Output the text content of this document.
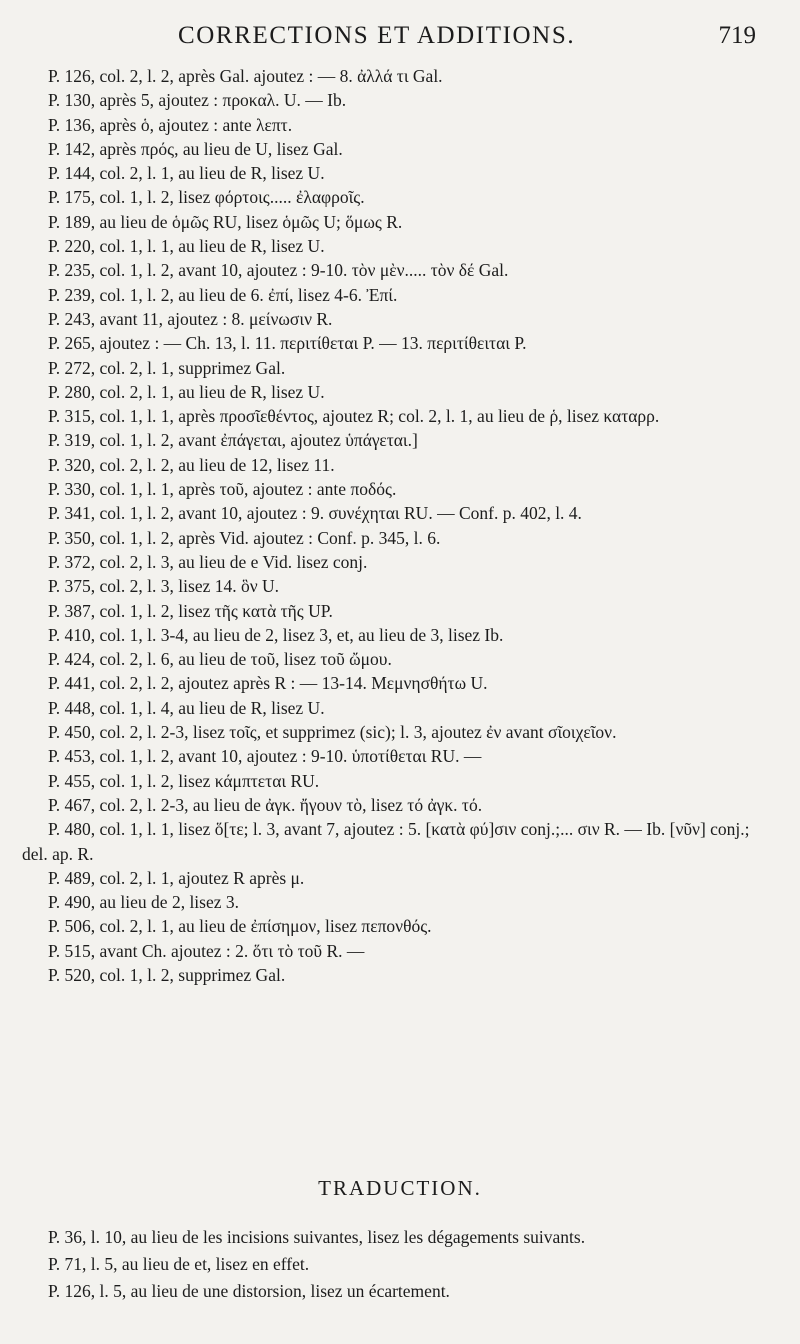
CORRECTIONS ET ADDITIONS.	719
P. 126, col. 2, l. 2, après Gal. ajoutez : — 8. ἀλλά τι Gal.
P. 130, après 5, ajoutez : προκαλ. U. — Ib.
P. 136, après ὁ, ajoutez : ante λεπτ.
P. 142, après πρός, au lieu de U, lisez Gal.
P. 144, col. 2, l. 1, au lieu de R, lisez U.
P. 175, col. 1, l. 2, lisez φόρτοις..... ἐλαφροῖς.
P. 189, au lieu de ὁμῶς RU, lisez ὁμῶς U; ὅμως R.
P. 220, col. 1, l. 1, au lieu de R, lisez U.
P. 235, col. 1, l. 2, avant 10, ajoutez : 9-10. τὸν μὲν..... τὸν δέ Gal.
P. 239, col. 1, l. 2, au lieu de 6. ἐπί, lisez 4-6. Ἐπί.
P. 243, avant 11, ajoutez : 8. μείνωσιν R.
P. 265, ajoutez : — Ch. 13, l. 11. περιτίθεται P. — 13. περιτίθειται P.
P. 272, col. 2, l. 1, supprimez Gal.
P. 280, col. 2, l. 1, au lieu de R, lisez U.
P. 315, col. 1, l. 1, après προσῖεθέντος, ajoutez R; col. 2, l. 1, au lieu de ῥ, lisez καταρρ.
P. 319, col. 1, l. 2, avant ἐπάγεται, ajoutez ὑπάγεται.]
P. 320, col. 2, l. 2, au lieu de 12, lisez 11.
P. 330, col. 1, l. 1, après τοῦ, ajoutez : ante ποδός.
P. 341, col. 1, l. 2, avant 10, ajoutez : 9. συνέχηται RU. — Conf. p. 402, l. 4.
P. 350, col. 1, l. 2, après Vid. ajoutez : Conf. p. 345, l. 6.
P. 372, col. 2, l. 3, au lieu de e Vid. lisez conj.
P. 375, col. 2, l. 3, lisez 14. ὃν U.
P. 387, col. 1, l. 2, lisez τῆς κατὰ τῆς UP.
P. 410, col. 1, l. 3-4, au lieu de 2, lisez 3, et, au lieu de 3, lisez Ib.
P. 424, col. 2, l. 6, au lieu de τοῦ, lisez τοῦ ὤμου.
P. 441, col. 2, l. 2, ajoutez après R : — 13-14. Μεμνησθήτω U.
P. 448, col. 1, l. 4, au lieu de R, lisez U.
P. 450, col. 2, l. 2-3, lisez τοῖς, et supprimez (sic); l. 3, ajoutez ἐν avant σῖοιχεῖον.
P. 453, col. 1, l. 2, avant 10, ajoutez : 9-10. ὑποτίθεται RU. —
P. 455, col. 1, l. 2, lisez κάμπτεται RU.
P. 467, col. 2, l. 2-3, au lieu de ἀγκ. ἤγουν τὸ, lisez τό ἀγκ. τό.
P. 480, col. 1, l. 1, lisez ὅ[τε; l. 3, avant 7, ajoutez : 5. [κατὰ φύ]σιν conj.;... σιν R. — Ib. [νῦν] conj.; del. ap. R.
P. 489, col. 2, l. 1, ajoutez R après μ.
P. 490, au lieu de 2, lisez 3.
P. 506, col. 2, l. 1, au lieu de ἐπίσημον, lisez πεπονθός.
P. 515, avant Ch. ajoutez : 2. ὅτι τὸ τοῦ R. —
P. 520, col. 1, l. 2, supprimez Gal.
TRADUCTION.
P. 36, l. 10, au lieu de les incisions suivantes, lisez les dégagements suivants.
P. 71, l. 5, au lieu de et, lisez en effet.
P. 126, l. 5, au lieu de une distorsion, lisez un écartement.
